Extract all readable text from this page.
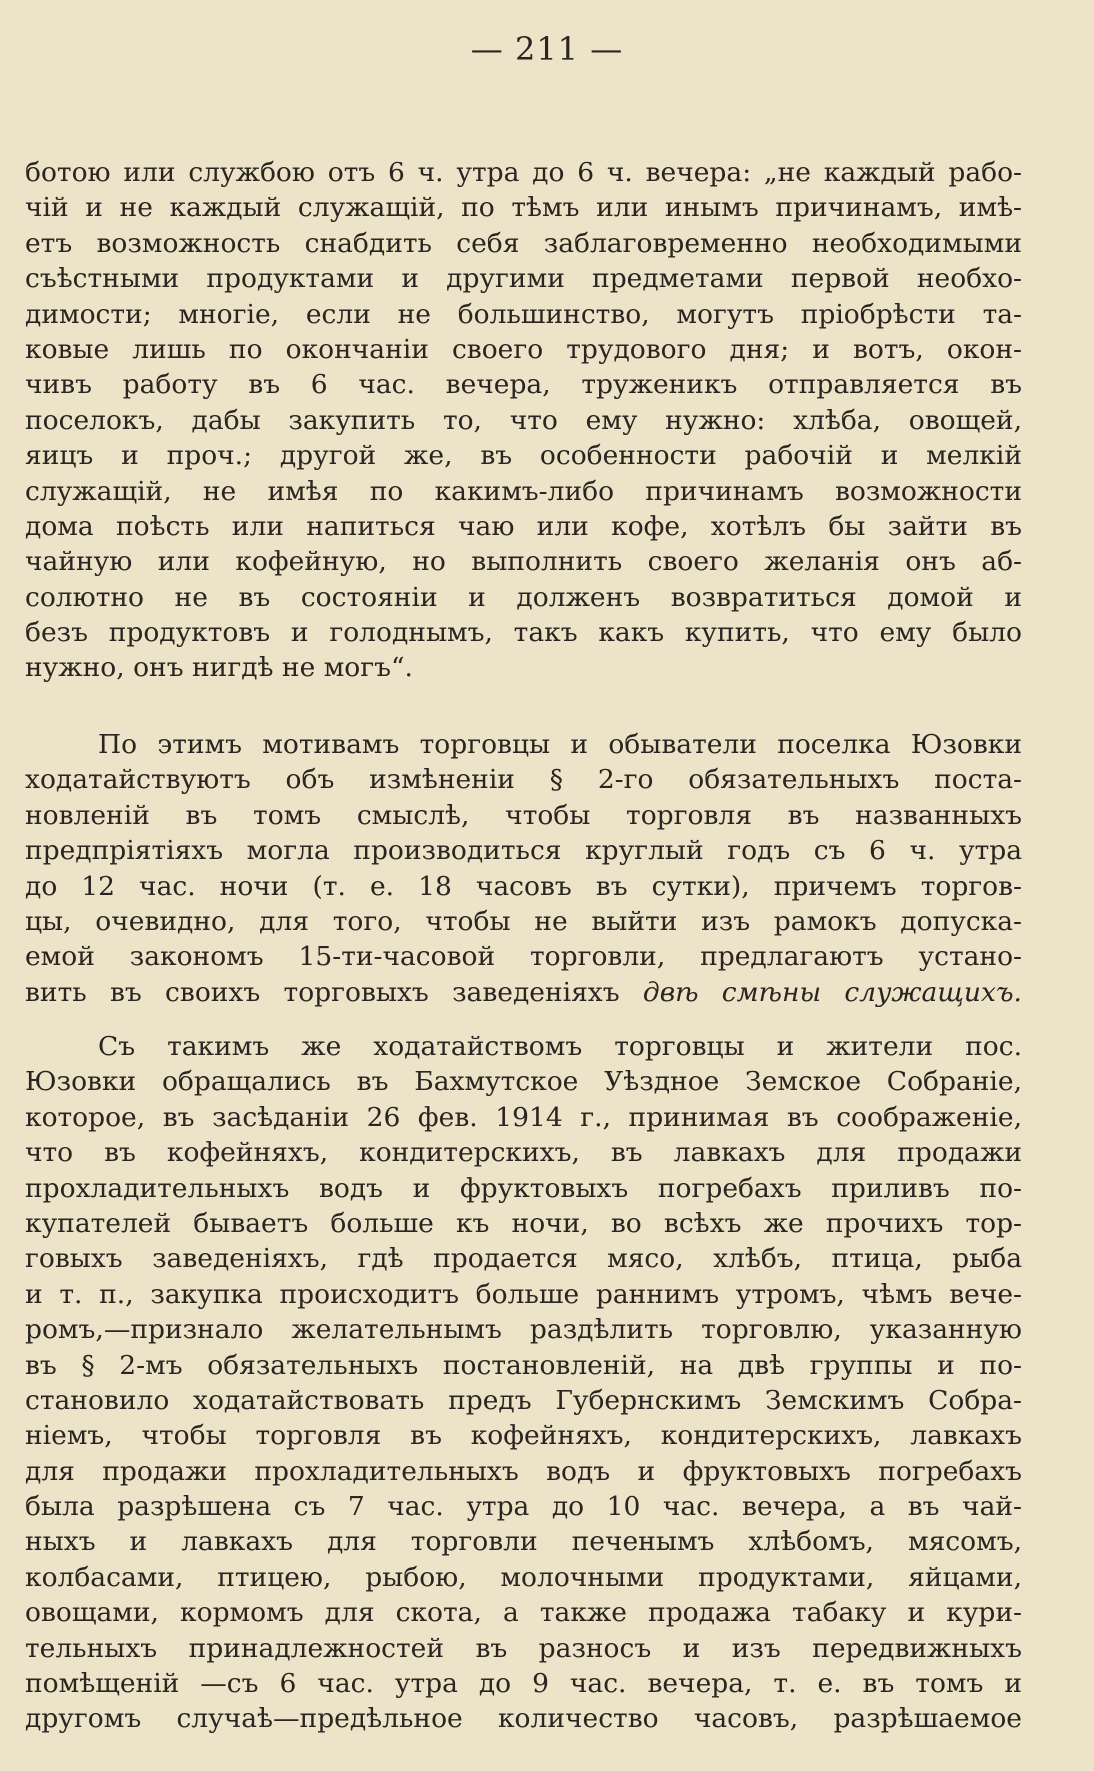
— 211 —
ботою или службою отъ 6 ч. утра до 6 ч. вечера: „не каждый рабо-
чій и не каждый служащій, по тѣмъ или инымъ причинамъ, имѣ-
етъ возможность снабдить себя заблаговременно необходимыми
съѣстными продуктами и другими предметами первой необхо-
димости; многіе, если не большинство, могутъ пріобрѣсти та-
ковые лишь по окончаніи своего трудового дня; и вотъ, окон-
чивъ работу въ 6 час. вечера, труженикъ отправляется въ
поселокъ, дабы закупить то, что ему нужно: хлѣба, овощей,
яицъ и проч.; другой же, въ особенности рабочій и мелкій
служащій, не имѣя по какимъ-либо причинамъ возможности
дома поѣсть или напиться чаю или кофе, хотѣлъ бы зайти въ
чайную или кофейную, но выполнить своего желанія онъ аб-
солютно не въ состояніи и долженъ возвратиться домой и
безъ продуктовъ и голоднымъ, такъ какъ купить, что ему было
нужно, онъ нигдѣ не могъ“.
По этимъ мотивамъ торговцы и обыватели поселка Юзовки
ходатайствуютъ объ измѣненіи § 2-го обязательныхъ поста-
новленій въ томъ смыслѣ, чтобы торговля въ названныхъ
предпріятіяхъ могла производиться круглый годъ съ 6 ч. утра
до 12 час. ночи (т. е. 18 часовъ въ сутки), причемъ торгов-
цы, очевидно, для того, чтобы не выйти изъ рамокъ допуска-
емой закономъ 15-ти-часовой торговли, предлагаютъ устано-
вить въ своихъ торговыхъ заведеніяхъ двѣ смѣны служащихъ.
Съ такимъ же ходатайствомъ торговцы и жители пос.
Юзовки обращались въ Бахмутское Уѣздное Земское Собраніе,
которое, въ засѣданіи 26 фев. 1914 г., принимая въ соображеніе,
что въ кофейняхъ, кондитерскихъ, въ лавкахъ для продажи
прохладительныхъ водъ и фруктовыхъ погребахъ приливъ по-
купателей бываетъ больше къ ночи, во всѣхъ же прочихъ тор-
говыхъ заведеніяхъ, гдѣ продается мясо, хлѣбъ, птица, рыба
и т. п., закупка происходитъ больше раннимъ утромъ, чѣмъ вече-
ромъ,—признало желательнымъ раздѣлить торговлю, указанную
въ § 2-мъ обязательныхъ постановленій, на двѣ группы и по-
становило ходатайствовать предъ Губернскимъ Земскимъ Собра-
ніемъ, чтобы торговля въ кофейняхъ, кондитерскихъ, лавкахъ
для продажи прохладительныхъ водъ и фруктовыхъ погребахъ
была разрѣшена съ 7 час. утра до 10 час. вечера, а въ чай-
ныхъ и лавкахъ для торговли печенымъ хлѣбомъ, мясомъ,
колбасами, птицею, рыбою, молочными продуктами, яйцами,
овощами, кормомъ для скота, а также продажа табаку и кури-
тельныхъ принадлежностей въ разносъ и изъ передвижныхъ
помѣщеній —съ 6 час. утра до 9 час. вечера, т. е. въ томъ и
другомъ случаѣ—предѣльное количество часовъ, разрѣшаемое
